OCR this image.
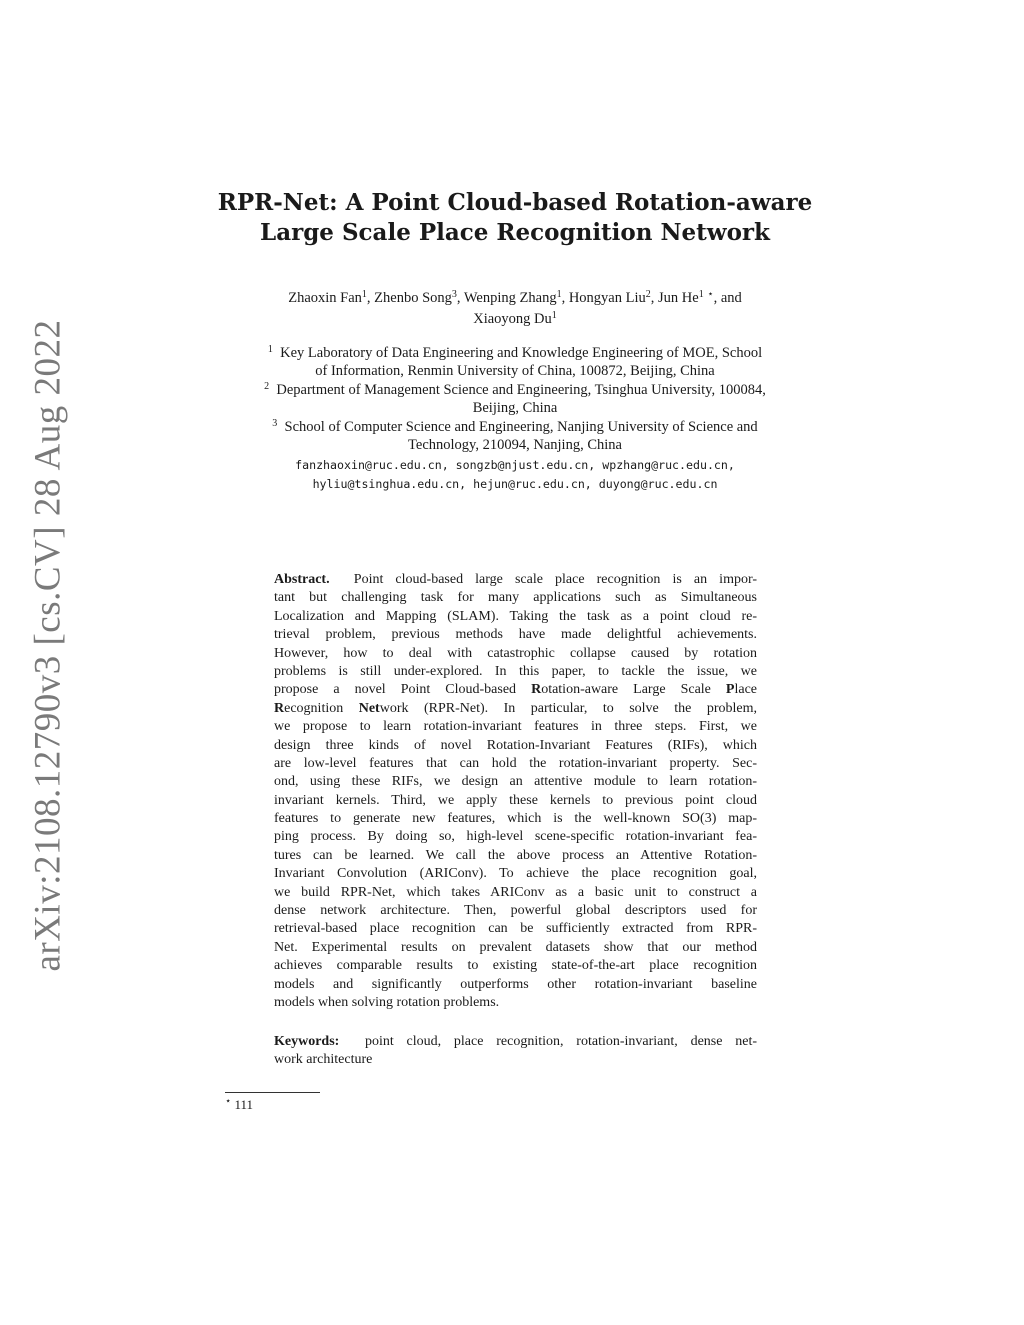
arXiv:2108.12790v3 [cs.CV] 28 Aug 2022
RPR-Net: A Point Cloud-based Rotation-aware
Large Scale Place Recognition Network
Zhaoxin Fan$^1$, Zhenbo Song$^3$, Wenping Zhang$^1$, Hongyan Liu$^2$, Jun He$^1$ ⋆, and
Xiaoyong Du$^1$
$^1$ Key Laboratory of Data Engineering and Knowledge Engineering of MOE, School
of Information, Renmin University of China, 100872, Beijing, China
$^2$ Department of Management Science and Engineering, Tsinghua University, 100084,
Beijing, China
$^3$ School of Computer Science and Engineering, Nanjing University of Science and
Technology, 210094, Nanjing, China
fanzhaoxin@ruc.edu.cn, songzb@njust.edu.cn, wpzhang@ruc.edu.cn,
hyliu@tsinghua.edu.cn, hejun@ruc.edu.cn, duyong@ruc.edu.cn
Abstract. Point cloud-based large scale place recognition is an impor-
tant but challenging task for many applications such as Simultaneous
Localization and Mapping (SLAM). Taking the task as a point cloud re-
trieval problem, previous methods have made delightful achievements.
However, how to deal with catastrophic collapse caused by rotation
problems is still under-explored. In this paper, to tackle the issue, we
propose a novel Point Cloud-based Rotation-aware Large Scale Place
Recognition Network (RPR-Net). In particular, to solve the problem,
we propose to learn rotation-invariant features in three steps. First, we
design three kinds of novel Rotation-Invariant Features (RIFs), which
are low-level features that can hold the rotation-invariant property. Sec-
ond, using these RIFs, we design an attentive module to learn rotation-
invariant kernels. Third, we apply these kernels to previous point cloud
features to generate new features, which is the well-known SO(3) map-
ping process. By doing so, high-level scene-specific rotation-invariant fea-
tures can be learned. We call the above process an Attentive Rotation-
Invariant Convolution (ARIConv). To achieve the place recognition goal,
we build RPR-Net, which takes ARIConv as a basic unit to construct a
dense network architecture. Then, powerful global descriptors used for
retrieval-based place recognition can be sufficiently extracted from RPR-
Net. Experimental results on prevalent datasets show that our method
achieves comparable results to existing state-of-the-art place recognition
models and significantly outperforms other rotation-invariant baseline
models when solving rotation problems.
Keywords: point cloud, place recognition, rotation-invariant, dense net-
work architecture
⋆ 111
